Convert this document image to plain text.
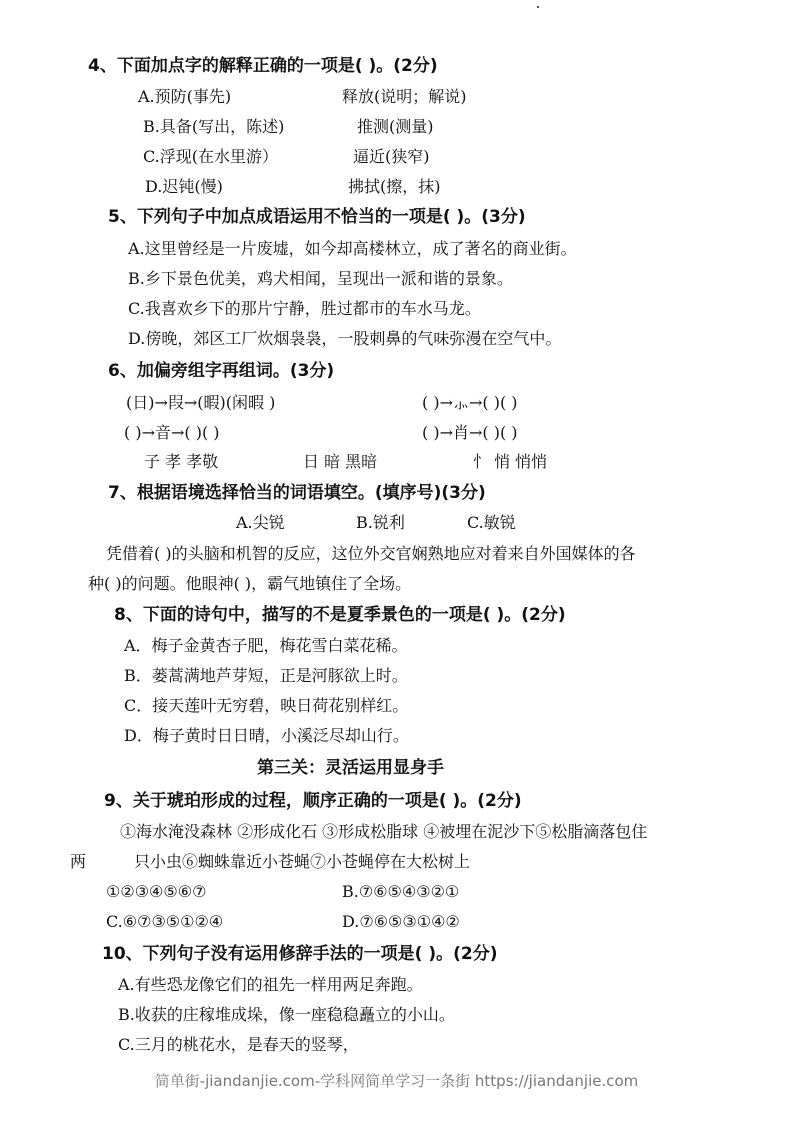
4、下面加点字的解释正确的一项是( )。(2分)
A.预防(事先)	释放(说明；解说)
B.具备(写出，陈述)	推测(测量)
C.浮现(在水里游）	逼近(狭窄)
D.迟钝(慢)	拂拭(擦，抹)
5、下列句子中加点成语运用不恰当的一项是( )。(3分)
A.这里曾经是一片废墟，如今却高楼林立，成了著名的商业街。
B.乡下景色优美，鸡犬相闻，呈现出一派和谐的景象。
C.我喜欢乡下的那片宁静，胜过都市的车水马龙。
D.傍晚，郊区工厂炊烟袅袅，一股刺鼻的气味弥漫在空气中。
6、加偏旁组字再组词。(3分)
(日)→叚→(暇)(闲暇 )	( )→⺗→( )( )
( )→音→( )( )	( )→肖→( )( )
子 孝 孝敬	日 暗 黑暗	忄 悄 悄悄
7、根据语境选择恰当的词语填空。(填序号)(3分)
A.尖锐	B.锐利	C.敏锐
凭借着( )的头脑和机智的反应，这位外交官娴熟地应对着来自外国媒体的各
种( )的问题。他眼神( )，霸气地镇住了全场。
8、下面的诗句中，描写的不是夏季景色的一项是( )。(2分)
A．梅子金黄杏子肥，梅花雪白菜花稀。
B．蒌蒿满地芦芽短，正是河豚欲上时。
C．接天莲叶无穷碧，映日荷花别样红。
D．梅子黄时日日晴，小溪泛尽却山行。
第三关：灵活运用显身手
9、关于琥珀形成的过程，顺序正确的一项是( )。(2分)
①海水淹没森林 ②形成化石 ③形成松脂球 ④被埋在泥沙下⑤松脂滴落包住
两	只小虫⑥蜘蛛靠近小苍蝇⑦小苍蝇停在大松树上
①②③④⑤⑥⑦	B.⑦⑥⑤④③②①
C.⑥⑦③⑤①②④	D.⑦⑥⑤③①④②
10、下列句子没有运用修辞手法的一项是( )。(2分)
A.有些恐龙像它们的祖先一样用两足奔跑。
B.收获的庄稼堆成垛，像一座稳稳矗立的小山。
C.三月的桃花水，是春天的竖琴，
简单街-jiandanjie.com-学科网简单学习一条街 https://jiandanjie.com
